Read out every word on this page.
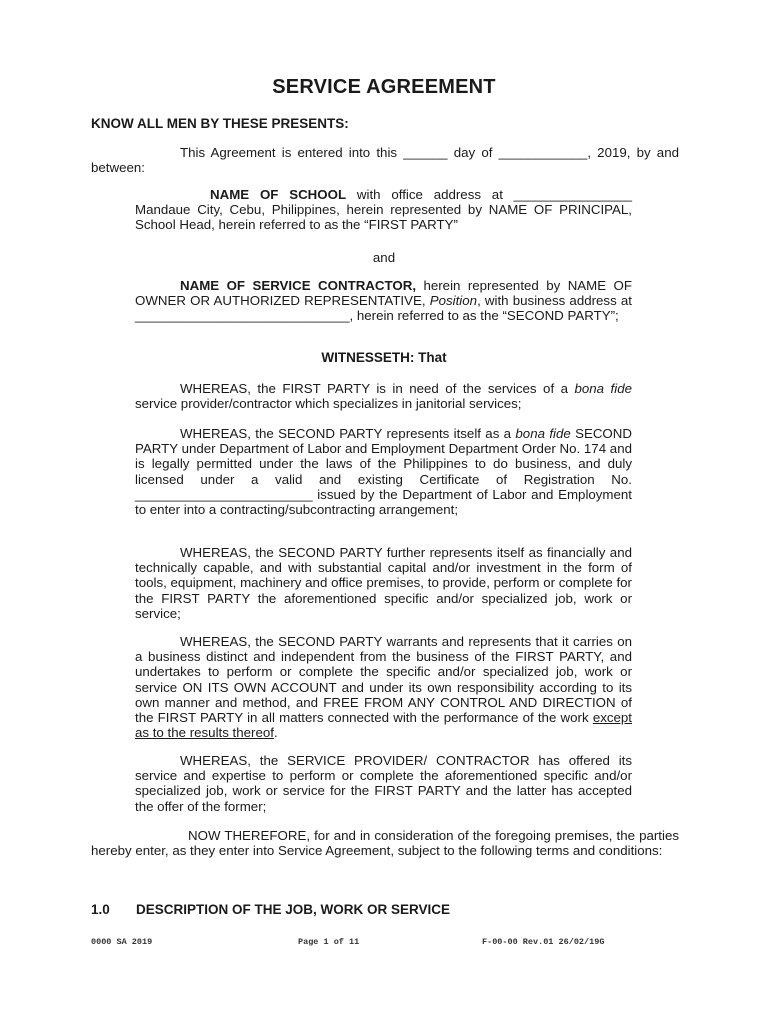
SERVICE AGREEMENT
KNOW ALL MEN BY THESE PRESENTS:
This Agreement is entered into this ______ day of ____________, 2019, by and between:
NAME OF SCHOOL with office address at ________________ Mandaue City, Cebu, Philippines, herein represented by NAME OF PRINCIPAL, School Head, herein referred to as the “FIRST PARTY”
and
NAME OF SERVICE CONTRACTOR, herein represented by NAME OF OWNER OR AUTHORIZED REPRESENTATIVE, Position, with business address at _____________________________, herein referred to as the “SECOND PARTY”;
WITNESSETH: That
WHEREAS, the FIRST PARTY is in need of the services of a bona fide service provider/contractor which specializes in janitorial services;
WHEREAS, the SECOND PARTY represents itself as a bona fide SECOND PARTY under Department of Labor and Employment Department Order No. 174 and is legally permitted under the laws of the Philippines to do business, and duly licensed under a valid and existing Certificate of Registration No. ________________________ issued by the Department of Labor and Employment to enter into a contracting/subcontracting arrangement;
WHEREAS, the SECOND PARTY further represents itself as financially and technically capable, and with substantial capital and/or investment in the form of tools, equipment, machinery and office premises, to provide, perform or complete for the FIRST PARTY the aforementioned specific and/or specialized job, work or service;
WHEREAS, the SECOND PARTY warrants and represents that it carries on a business distinct and independent from the business of the FIRST PARTY, and undertakes to perform or complete the specific and/or specialized job, work or service ON ITS OWN ACCOUNT and under its own responsibility according to its own manner and method, and FREE FROM ANY CONTROL AND DIRECTION of the FIRST PARTY in all matters connected with the performance of the work except as to the results thereof.
WHEREAS, the SERVICE PROVIDER/ CONTRACTOR has offered its service and expertise to perform or complete the aforementioned specific and/or specialized job, work or service for the FIRST PARTY and the latter has accepted the offer of the former;
NOW THEREFORE, for and in consideration of the foregoing premises, the parties hereby enter, as they enter into Service Agreement, subject to the following terms and conditions:
1.0 DESCRIPTION OF THE JOB, WORK OR SERVICE
0000 SA 2019	Page 1 of 11	F-00-00 Rev.01 26/02/19G
